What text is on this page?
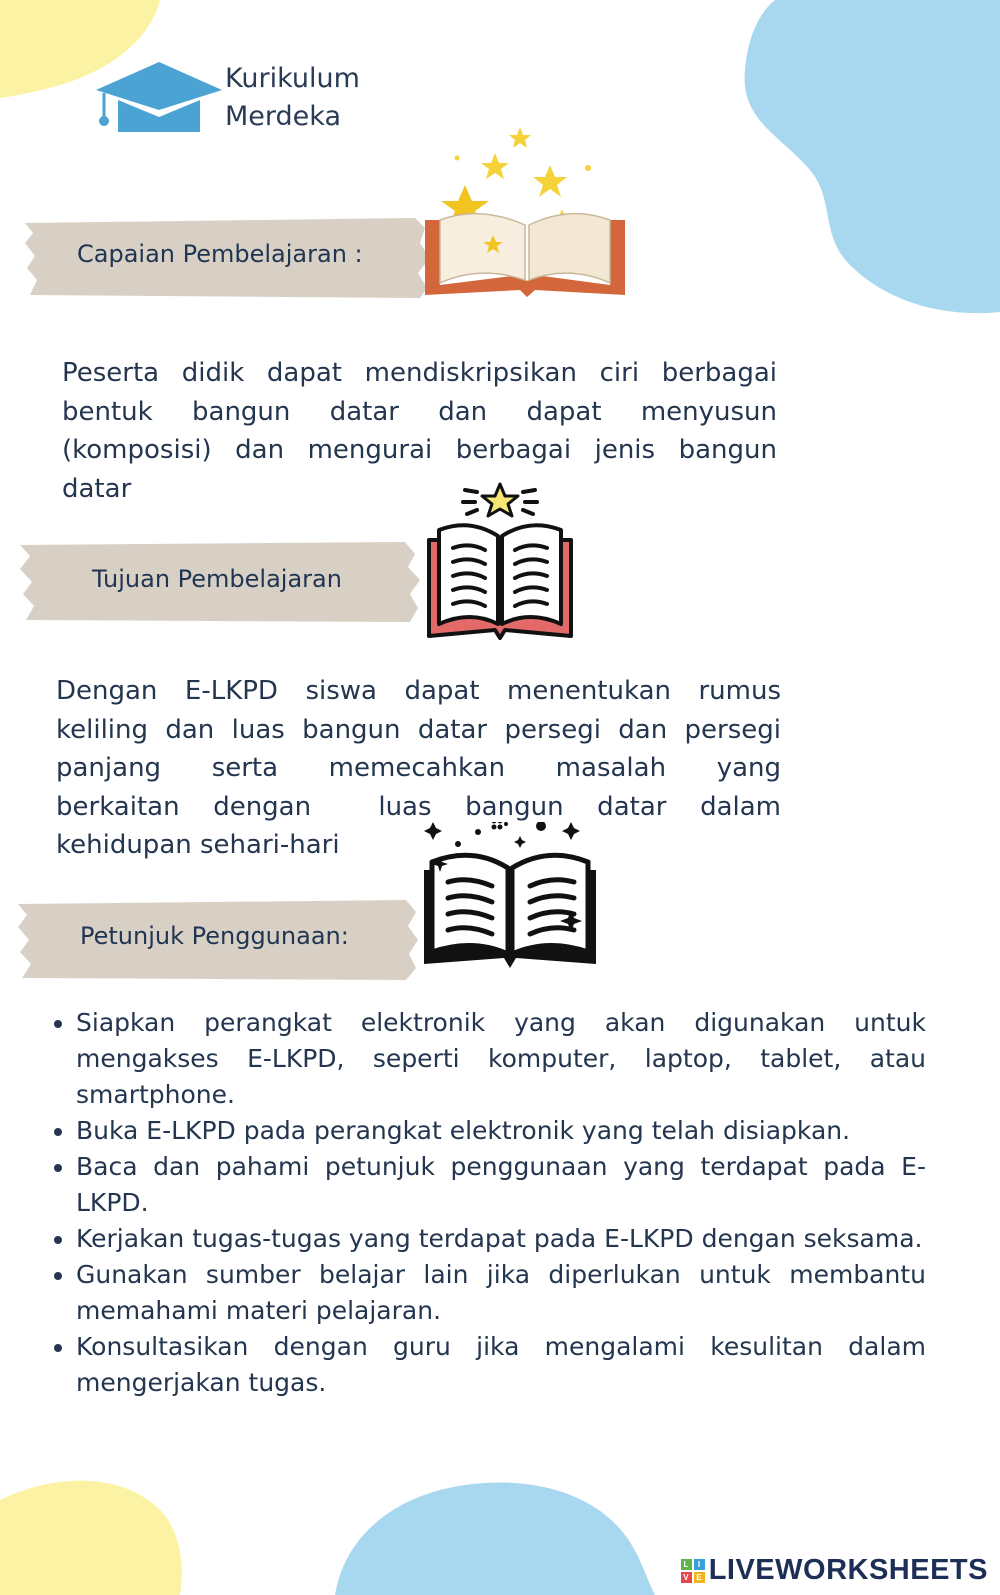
Kurikulum
Merdeka
Capaian Pembelajaran :
Peserta didik dapat mendiskripsikan ciri berbagai
bentuk bangun datar dan dapat menyusun
(komposisi) dan mengurai berbagai jenis bangun
datar
Tujuan Pembelajaran
Dengan E-LKPD siswa dapat menentukan rumus
keliling dan luas bangun datar persegi dan persegi
panjang serta memecahkan masalah yang
berkaitan dengan  luas bangun datar dalam
kehidupan sehari-hari
Petunjuk Penggunaan:
• Siapkan perangkat elektronik yang akan digunakan untuk mengakses E-LKPD, seperti komputer, laptop, tablet, atau smartphone.
• Buka E-LKPD pada perangkat elektronik yang telah disiapkan.
• Baca dan pahami petunjuk penggunaan yang terdapat pada E-LKPD.
• Kerjakan tugas-tugas yang terdapat pada E-LKPD dengan seksama.
• Gunakan sumber belajar lain jika diperlukan untuk membantu memahami materi pelajaran.
• Konsultasikan dengan guru jika mengalami kesulitan dalam mengerjakan tugas.
L	I
V E LIVEWORKSHEETS
